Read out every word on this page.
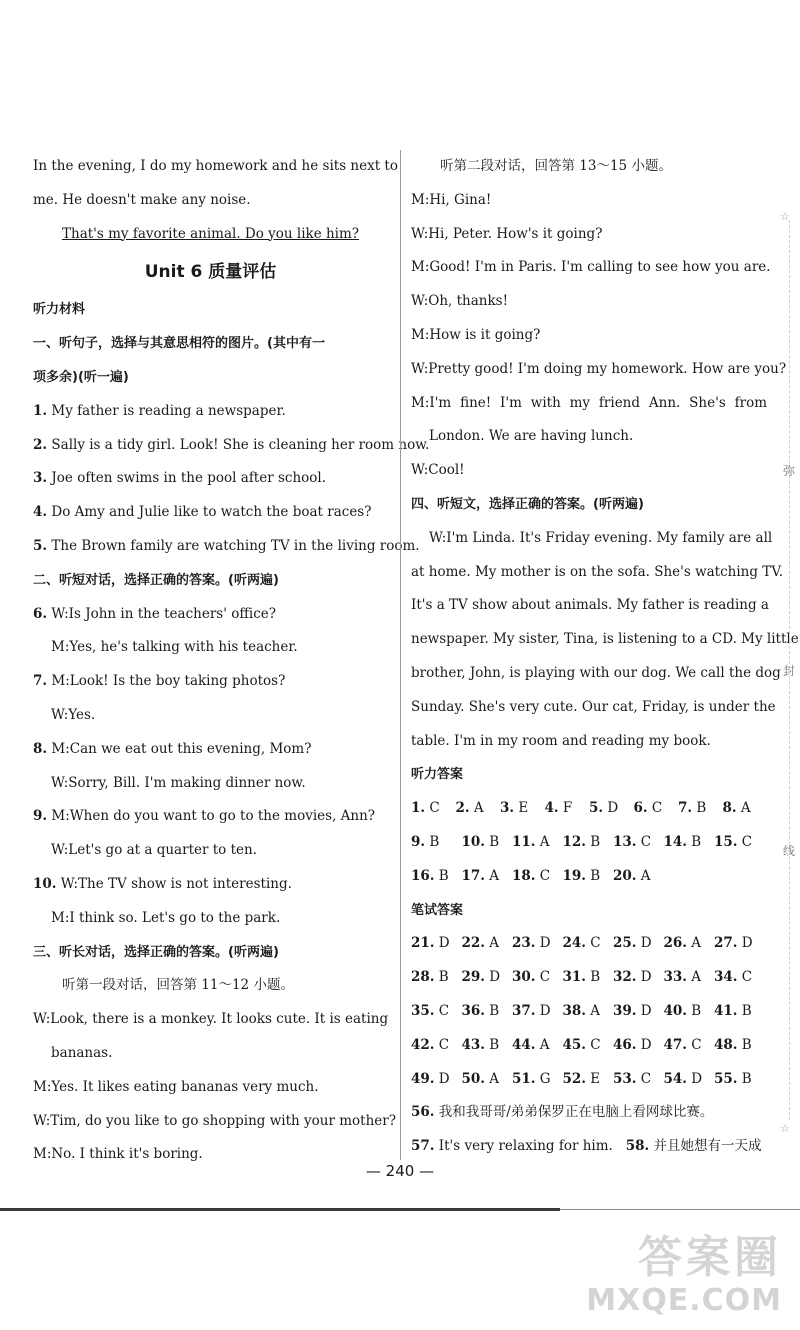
In the evening, I do my homework and he sits next to
me. He doesn't make any noise.
That's my favorite animal. Do you like him?
Unit 6 质量评估
听力材料
一、听句子，选择与其意思相符的图片。(其中有一
项多余)(听一遍)
1. My father is reading a newspaper.
2. Sally is a tidy girl. Look! She is cleaning her room now.
3. Joe often swims in the pool after school.
4. Do Amy and Julie like to watch the boat races?
5. The Brown family are watching TV in the living room.
二、听短对话，选择正确的答案。(听两遍)
6. W:Is John in the teachers' office?
M:Yes, he's talking with his teacher.
7. M:Look! Is the boy taking photos?
W:Yes.
8. M:Can we eat out this evening, Mom?
W:Sorry, Bill. I'm making dinner now.
9. M:When do you want to go to the movies, Ann?
W:Let's go at a quarter to ten.
10. W:The TV show is not interesting.
M:I think so. Let's go to the park.
三、听长对话，选择正确的答案。(听两遍)
听第一段对话，回答第 11～12 小题。
W:Look, there is a monkey. It looks cute. It is eating
bananas.
M:Yes. It likes eating bananas very much.
W:Tim, do you like to go shopping with your mother?
M:No. I think it's boring.
听第二段对话，回答第 13～15 小题。
M:Hi, Gina!
W:Hi, Peter. How's it going?
M:Good! I'm in Paris. I'm calling to see how you are.
W:Oh, thanks!
M:How is it going?
W:Pretty good! I'm doing my homework. How are you?
M:I'm fine! I'm with my friend Ann. She's from
London. We are having lunch.
W:Cool!
四、听短文，选择正确的答案。(听两遍)
W:I'm Linda. It's Friday evening. My family are all
at home. My mother is on the sofa. She's watching TV.
It's a TV show about animals. My father is reading a
newspaper. My sister, Tina, is listening to a CD. My little
brother, John, is playing with our dog. We call the dog
Sunday. She's very cute. Our cat, Friday, is under the
table. I'm in my room and reading my book.
听力答案
1. C	2. A	3. E	4. F	5. D	6. C	7. B	8. A
9. B	10. B 11. A 12. B 13. C 14. B 15. C
16. B 17. A 18. C 19. B 20. A
笔试答案
21. D 22. A 23. D 24. C 25. D 26. A 27. D
28. B 29. D 30. C 31. B 32. D 33. A 34. C
35. C 36. B 37. D 38. A 39. D 40. B 41. B
42. C 43. B 44. A 45. C 46. D 47. C 48. B
49. D 50. A 51. G 52. E 53. C 54. D 55. B
56. 我和我哥哥/弟弟保罗正在电脑上看网球比赛。
57. It's very relaxing for him. 58. 并且她想有一天成
— 240 —
☆
弥
封
线
☆
答案圈
MXQE.COM
